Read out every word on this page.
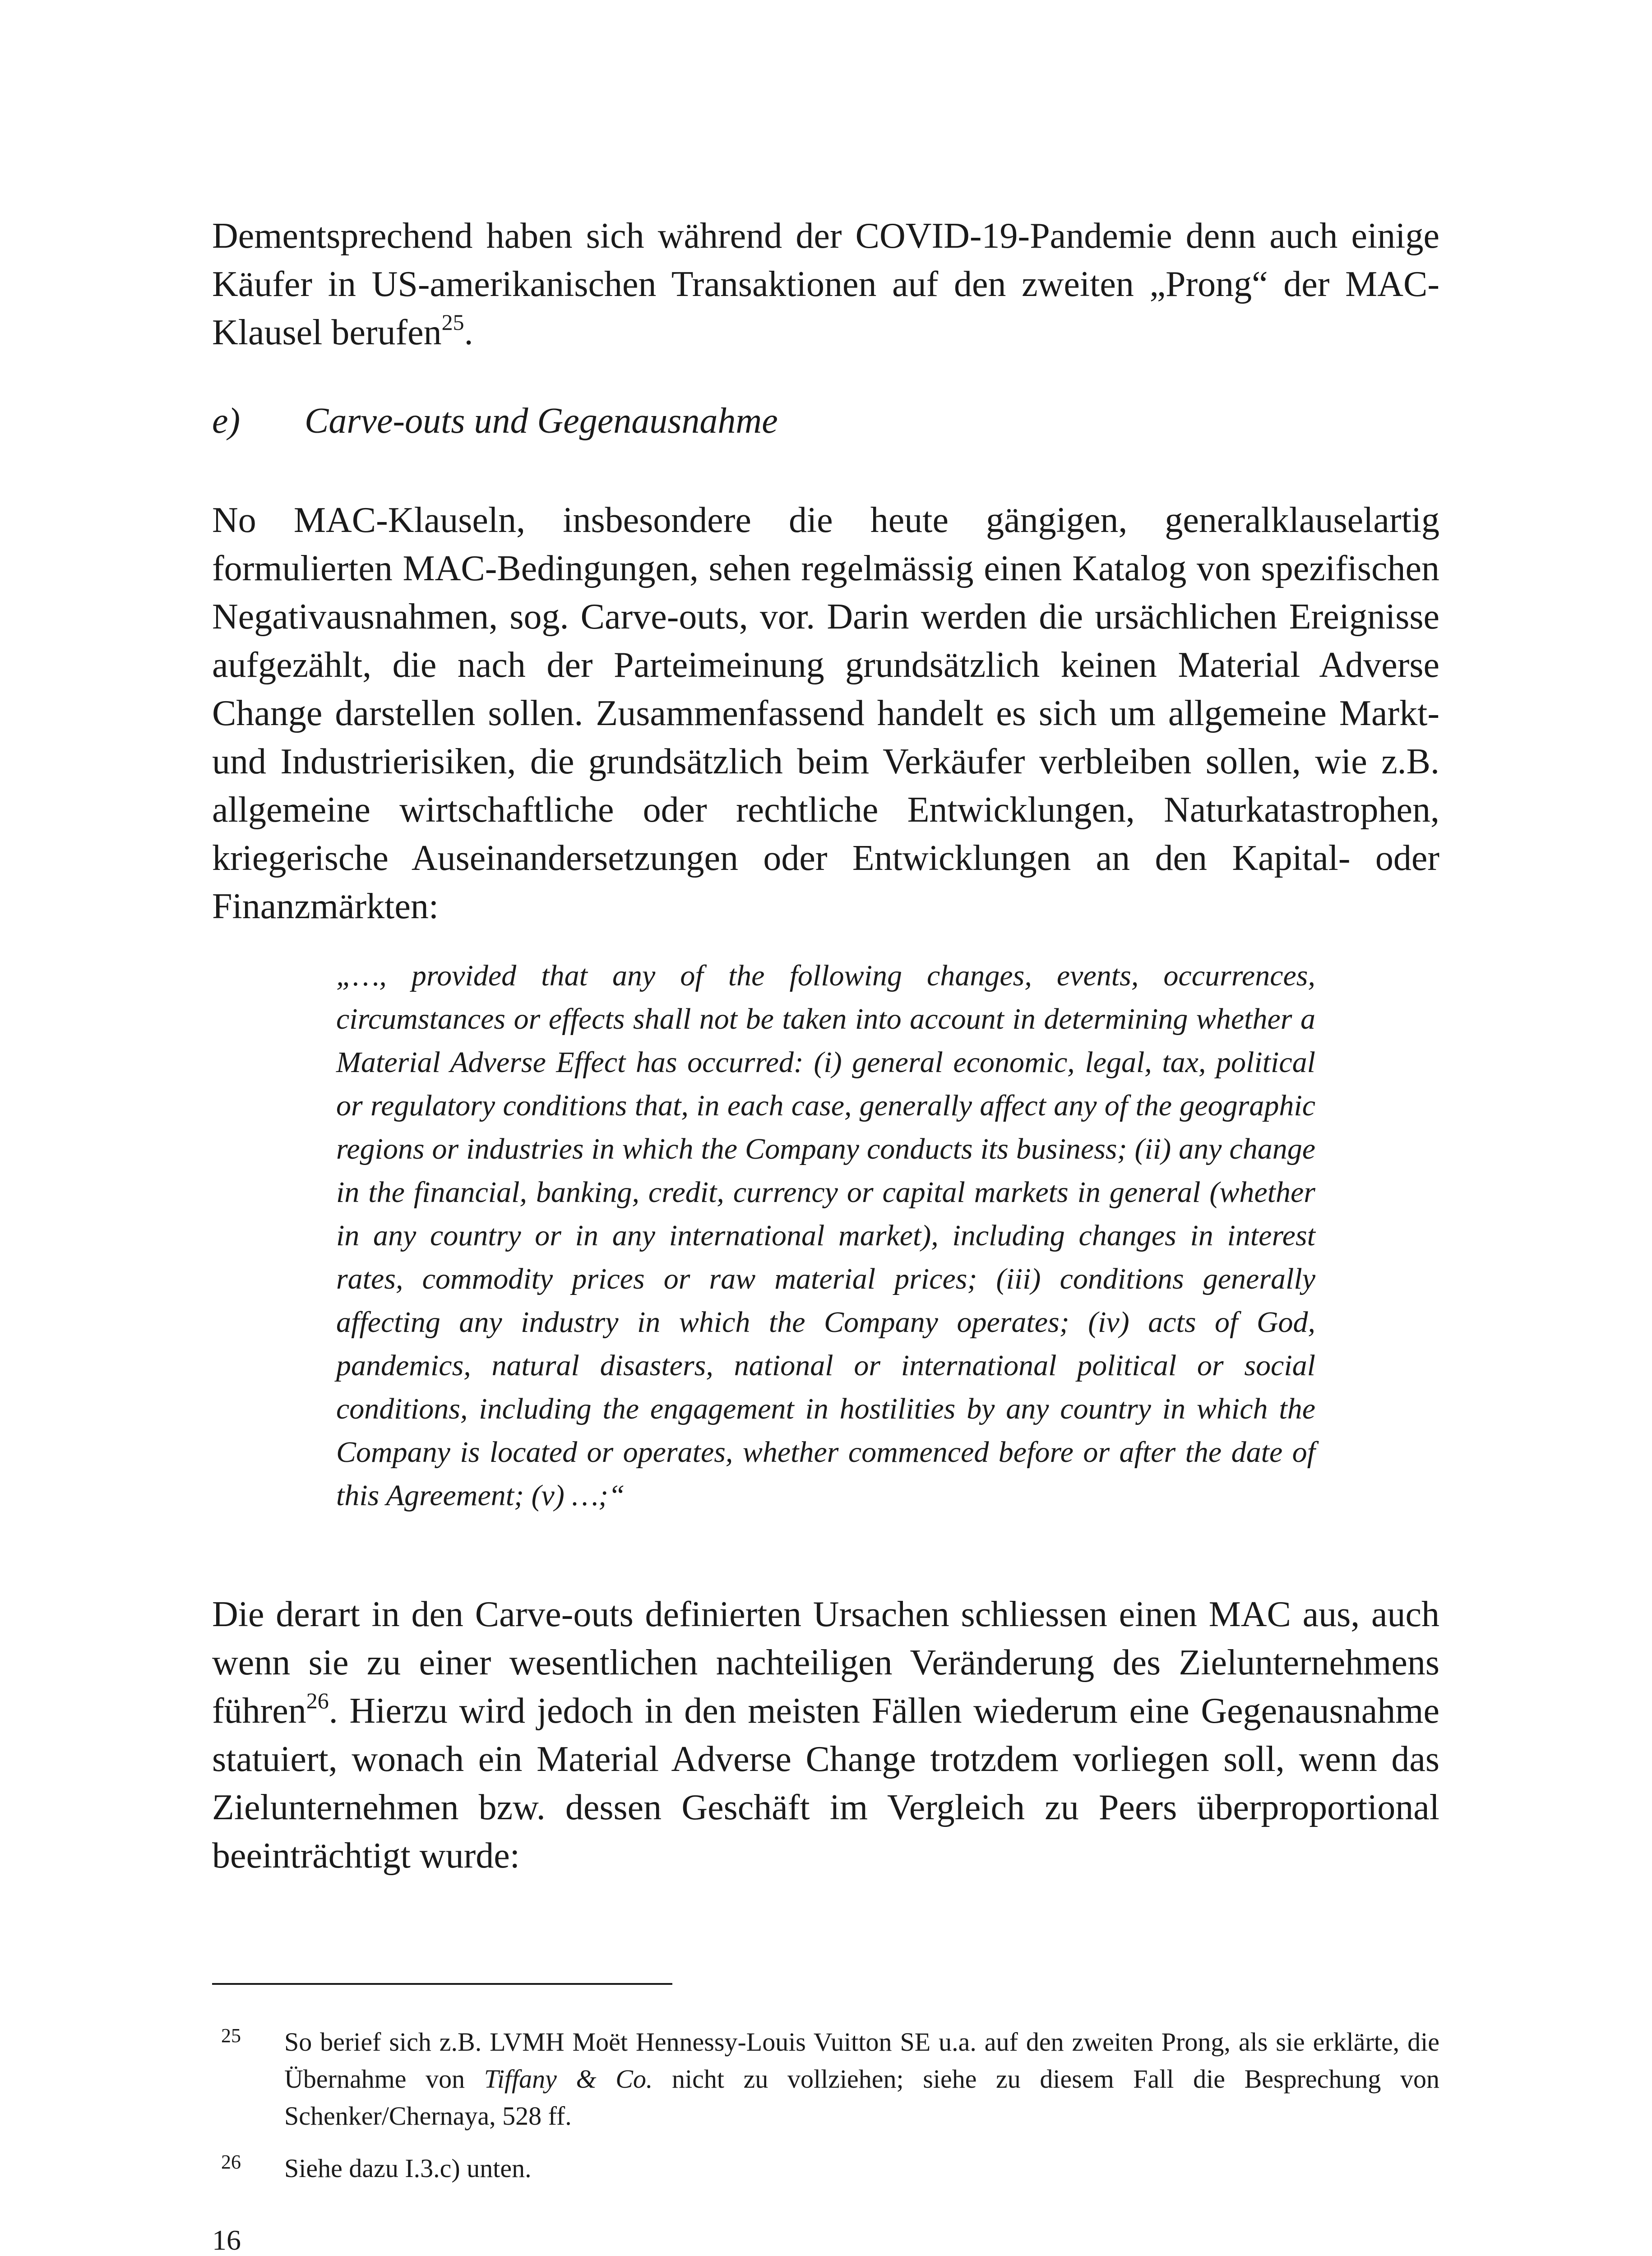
Dementsprechend haben sich während der COVID-19-Pandemie denn auch einige Käufer in US-amerikanischen Transaktionen auf den zweiten „Prong“ der MAC-Klausel berufen$^{25}$.

e) Carve-outs und Gegenausnahme

No MAC-Klauseln, insbesondere die heute gängigen, generalklauselartig formulierten MAC-Bedingungen, sehen regelmässig einen Katalog von spezifischen Negativausnahmen, sog. Carve-outs, vor. Darin werden die ursächlichen Ereignisse aufgezählt, die nach der Parteimeinung grundsätzlich keinen Material Adverse Change darstellen sollen. Zusammenfassend handelt es sich um allgemeine Markt- und Industrierisiken, die grundsätzlich beim Verkäufer verbleiben sollen, wie z.B. allgemeine wirtschaftliche oder rechtliche Entwicklungen, Naturkatastrophen, kriegerische Auseinandersetzungen oder Entwicklungen an den Kapital- oder Finanzmärkten:

„…, provided that any of the following changes, events, occurrences, circumstances or effects shall not be taken into account in determining whether a Material Adverse Effect has occurred: (i) general economic, legal, tax, political or regulatory conditions that, in each case, generally affect any of the geographic regions or industries in which the Company conducts its business; (ii) any change in the financial, banking, credit, currency or capital markets in general (whether in any country or in any international market), including changes in interest rates, commodity prices or raw material prices; (iii) conditions generally affecting any industry in which the Company operates; (iv) acts of God, pandemics, natural disasters, national or international political or social conditions, including the engagement in hostilities by any country in which the Company is located or operates, whether commenced before or after the date of this Agreement; (v) …;“

Die derart in den Carve-outs definierten Ursachen schliessen einen MAC aus, auch wenn sie zu einer wesentlichen nachteiligen Veränderung des Zielunternehmens führen$^{26}$. Hierzu wird jedoch in den meisten Fällen wiederum eine Gegenausnahme statuiert, wonach ein Material Adverse Change trotzdem vorliegen soll, wenn das Zielunternehmen bzw. dessen Geschäft im Vergleich zu Peers überproportional beeinträchtigt wurde:

25 So berief sich z.B. LVMH Moët Hennessy-Louis Vuitton SE u.a. auf den zweiten Prong, als sie erklärte, die Übernahme von Tiffany & Co. nicht zu vollziehen; siehe zu diesem Fall die Besprechung von Schenker/Chernaya, 528 ff.
26 Siehe dazu I.3.c) unten.
16
